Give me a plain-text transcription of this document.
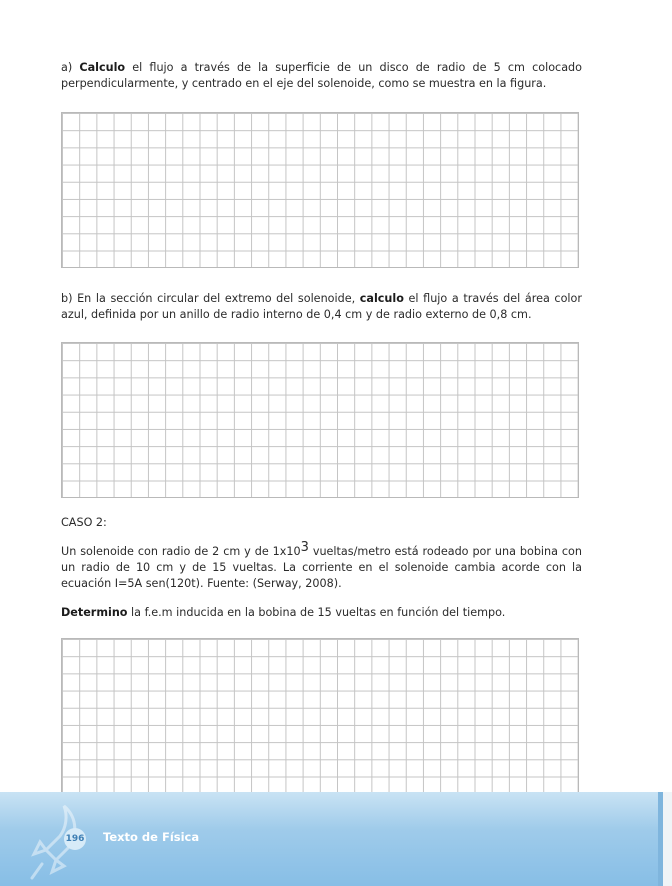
a) Calculo el flujo a través de la superficie de un disco de radio de 5 cm colocado perpendicularmente, y centrado en el eje del solenoide, como se muestra en la figura.

b) En la sección circular del extremo del solenoide, calculo el flujo a través del área color azul, definida por un anillo de radio interno de 0,4 cm y de radio externo de 0,8 cm.

CASO 2:

Un solenoide con radio de 2 cm y de $1x10^3$ vueltas/metro está rodeado por una bobina con un radio de 10 cm y de 15 vueltas. La corriente en el solenoide cambia acorde con la ecuación I=5A sen(120t). Fuente: (Serway, 2008).

Determino la f.e.m inducida en la bobina de 15 vueltas en función del tiempo.

196 Texto de Física
